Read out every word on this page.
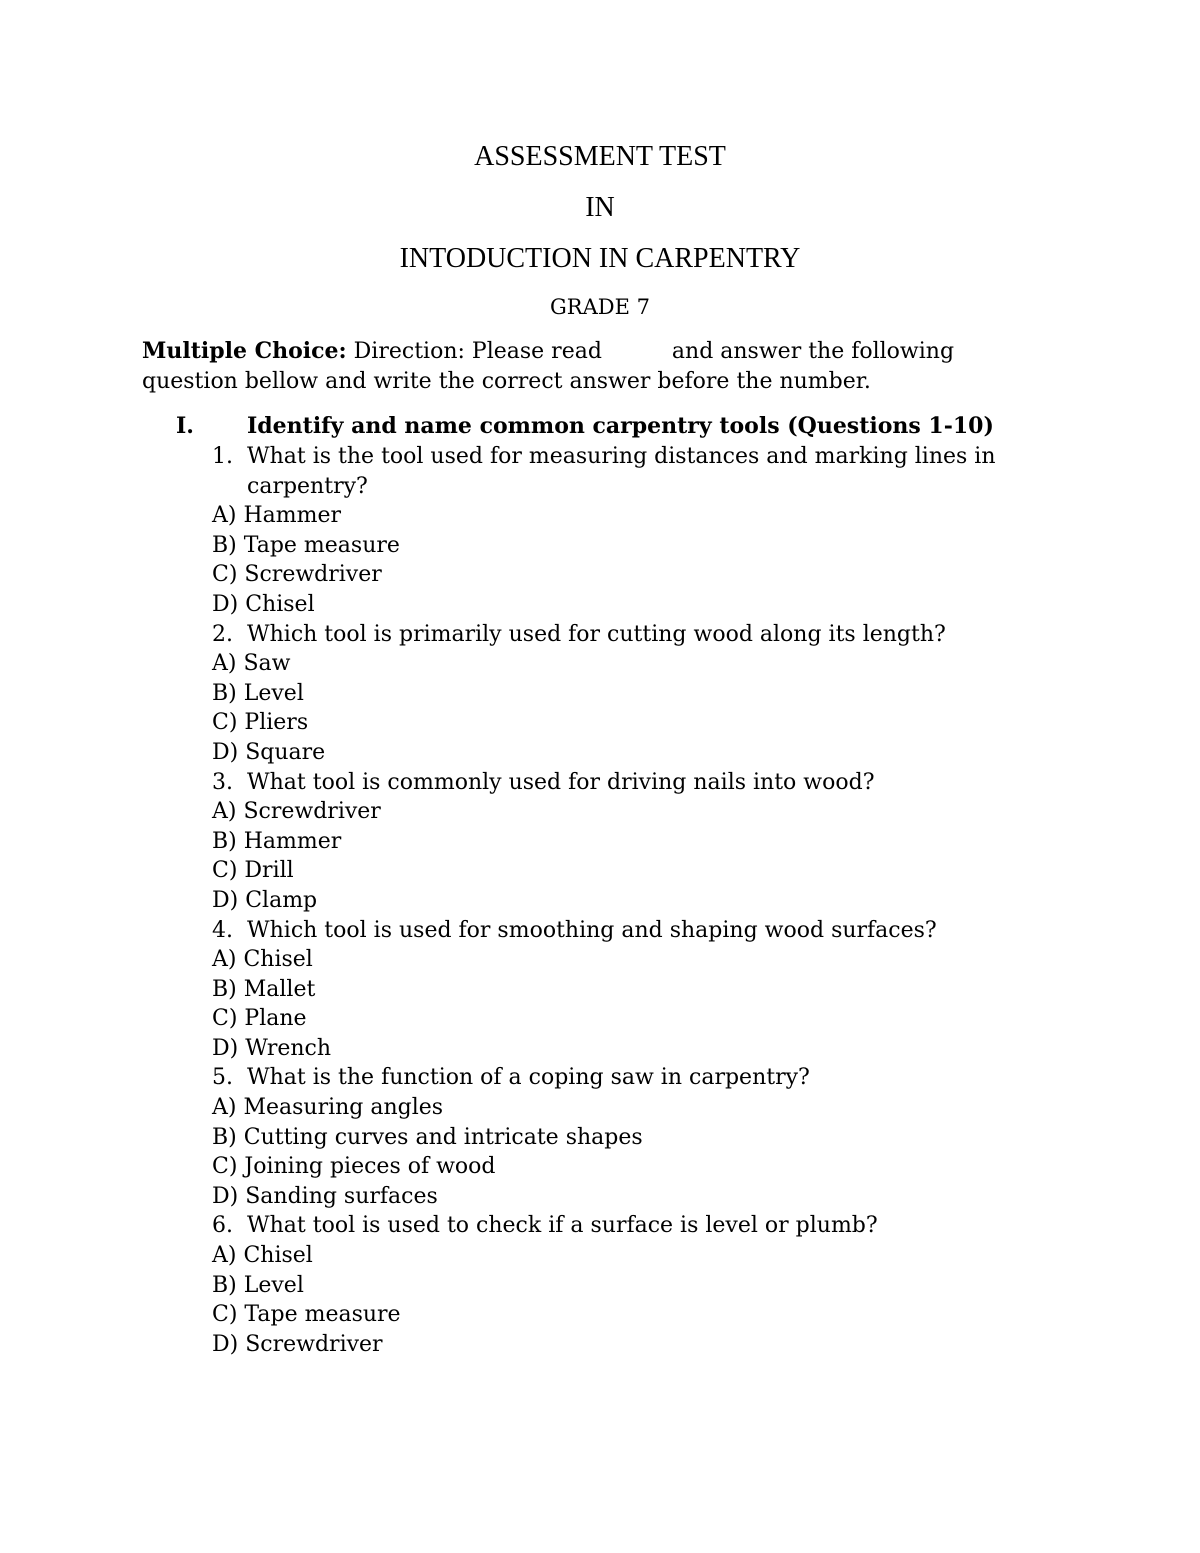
ASSESSMENT TEST
IN
INTODUCTION IN CARPENTRY
GRADE 7
Multiple Choice: Direction: Please read	and answer the following
question bellow and write the correct answer before the number.
I. Identify and name common carpentry tools (Questions 1-10)
1. What is the tool used for measuring distances and marking lines in
carpentry?
A) Hammer
B) Tape measure
C) Screwdriver
D) Chisel
2. Which tool is primarily used for cutting wood along its length?
A) Saw
B) Level
C) Pliers
D) Square
3. What tool is commonly used for driving nails into wood?
A) Screwdriver
B) Hammer
C) Drill
D) Clamp
4. Which tool is used for smoothing and shaping wood surfaces?
A) Chisel
B) Mallet
C) Plane
D) Wrench
5. What is the function of a coping saw in carpentry?
A) Measuring angles
B) Cutting curves and intricate shapes
C) Joining pieces of wood
D) Sanding surfaces
6. What tool is used to check if a surface is level or plumb?
A) Chisel
B) Level
C) Tape measure
D) Screwdriver
